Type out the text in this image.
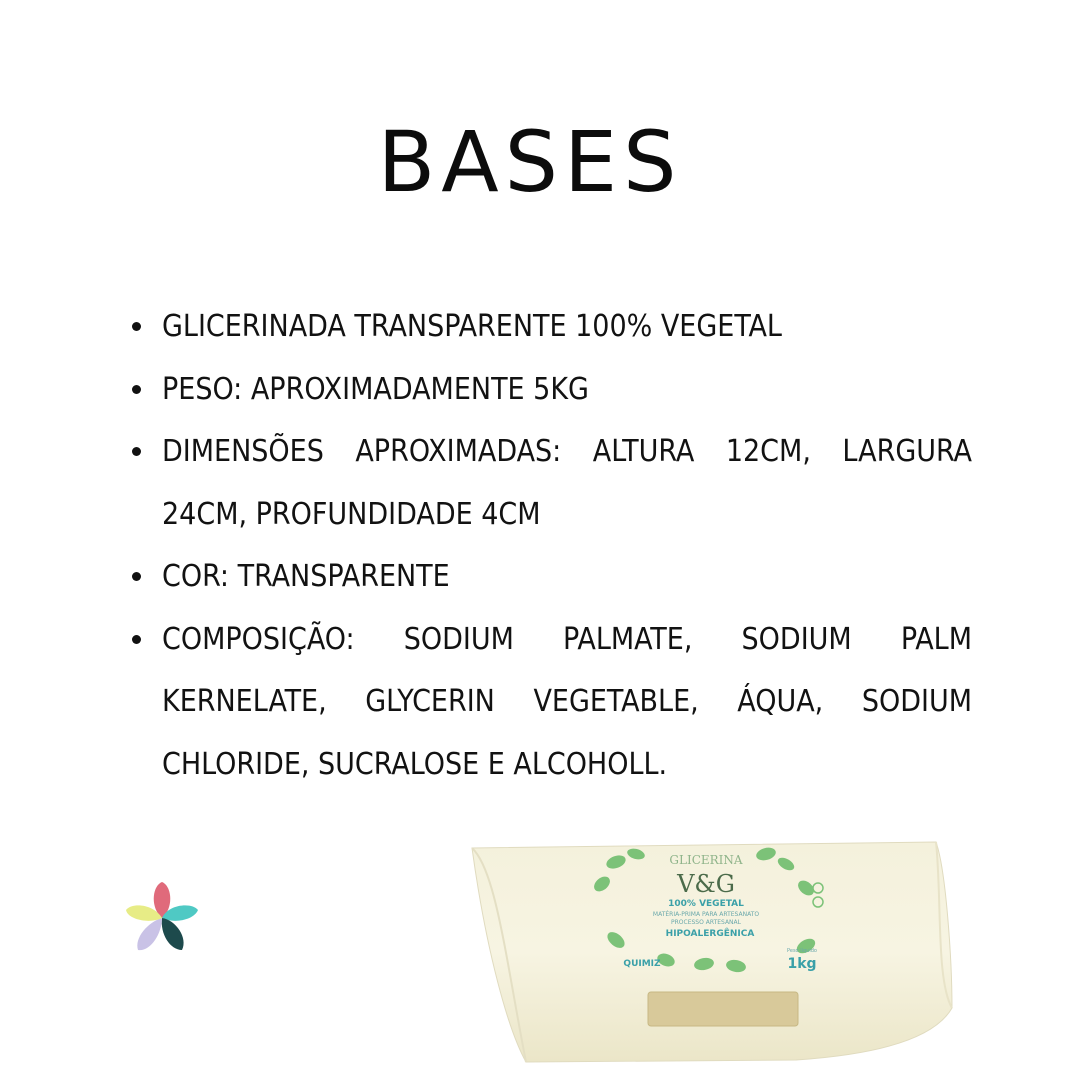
BASES
GLICERINADA TRANSPARENTE 100% VEGETAL
PESO: APROXIMADAMENTE 5KG
DIMENSÕES APROXIMADAS: ALTURA 12CM, LARGURA 24CM, PROFUNDIDADE 4CM
COR: TRANSPARENTE
COMPOSIÇÃO: SODIUM PALMATE, SODIUM PALM KERNELATE, GLYCERIN VEGETABLE, ÁQUA, SODIUM CHLORIDE, SUCRALOSE E ALCOHOLL.
GLICERINA
V&G
100% VEGETAL
MATÉRIA-PRIMA PARA ARTESANATO
PROCESSO ARTESANAL
HIPOALERGÊNICA
QUIMIZ
Peso líquido
1kg
